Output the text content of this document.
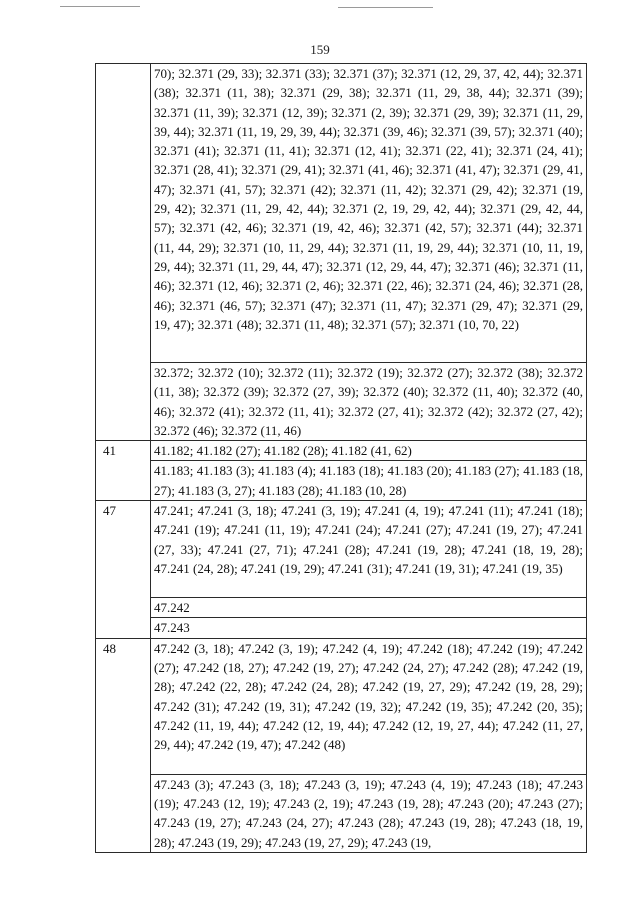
159
	70); 32.371 (29, 33); 32.371 (33); 32.371 (37); 32.371 (12, 29, 37, 42, 44); 32.371 (38); 32.371 (11, 38); 32.371 (29, 38); 32.371 (11, 29, 38, 44); 32.371 (39); 32.371 (11, 39); 32.371 (12, 39); 32.371 (2, 39); 32.371 (29, 39); 32.371 (11, 29, 39, 44); 32.371 (11, 19, 29, 39, 44); 32.371 (39, 46); 32.371 (39, 57); 32.371 (40); 32.371 (41); 32.371 (11, 41); 32.371 (12, 41); 32.371 (22, 41); 32.371 (24, 41); 32.371 (28, 41); 32.371 (29, 41); 32.371 (41, 46); 32.371 (41, 47); 32.371 (29, 41, 47); 32.371 (41, 57); 32.371 (42); 32.371 (11, 42); 32.371 (29, 42); 32.371 (19, 29, 42); 32.371 (11, 29, 42, 44); 32.371 (2, 19, 29, 42, 44); 32.371 (29, 42, 44, 57); 32.371 (42, 46); 32.371 (19, 42, 46); 32.371 (42, 57); 32.371 (44); 32.371 (11, 44, 29); 32.371 (10, 11, 29, 44); 32.371 (11, 19, 29, 44); 32.371 (10, 11, 19, 29, 44); 32.371 (11, 29, 44, 47); 32.371 (12, 29, 44, 47); 32.371 (46); 32.371 (11, 46); 32.371 (12, 46); 32.371 (2, 46); 32.371 (22, 46); 32.371 (24, 46); 32.371 (28, 46); 32.371 (46, 57); 32.371 (47); 32.371 (11, 47); 32.371 (29, 47); 32.371 (29, 19, 47); 32.371 (48); 32.371 (11, 48); 32.371 (57); 32.371 (10, 70, 22)
	32.372; 32.372 (10); 32.372 (11); 32.372 (19); 32.372 (27); 32.372 (38); 32.372 (11, 38); 32.372 (39); 32.372 (27, 39); 32.372 (40); 32.372 (11, 40); 32.372 (40, 46); 32.372 (41); 32.372 (11, 41); 32.372 (27, 41); 32.372 (42); 32.372 (27, 42); 32.372 (46); 32.372 (11, 46)
41	41.182; 41.182 (27); 41.182 (28); 41.182 (41, 62)
	41.183; 41.183 (3); 41.183 (4); 41.183 (18); 41.183 (20); 41.183 (27); 41.183 (18, 27); 41.183 (3, 27); 41.183 (28); 41.183 (10, 28)
47	47.241; 47.241 (3, 18); 47.241 (3, 19); 47.241 (4, 19); 47.241 (11); 47.241 (18); 47.241 (19); 47.241 (11, 19); 47.241 (24); 47.241 (27); 47.241 (19, 27); 47.241 (27, 33); 47.241 (27, 71); 47.241 (28); 47.241 (19, 28); 47.241 (18, 19, 28); 47.241 (24, 28); 47.241 (19, 29); 47.241 (31); 47.241 (19, 31); 47.241 (19, 35)
	47.242
	47.243
48	47.242 (3, 18); 47.242 (3, 19); 47.242 (4, 19); 47.242 (18); 47.242 (19); 47.242 (27); 47.242 (18, 27); 47.242 (19, 27); 47.242 (24, 27); 47.242 (28); 47.242 (19, 28); 47.242 (22, 28); 47.242 (24, 28); 47.242 (19, 27, 29); 47.242 (19, 28, 29); 47.242 (31); 47.242 (19, 31); 47.242 (19, 32); 47.242 (19, 35); 47.242 (20, 35); 47.242 (11, 19, 44); 47.242 (12, 19, 44); 47.242 (12, 19, 27, 44); 47.242 (11, 27, 29, 44); 47.242 (19, 47); 47.242 (48)
	47.243 (3); 47.243 (3, 18); 47.243 (3, 19); 47.243 (4, 19); 47.243 (18); 47.243 (19); 47.243 (12, 19); 47.243 (2, 19); 47.243 (19, 28); 47.243 (20); 47.243 (27); 47.243 (19, 27); 47.243 (24, 27); 47.243 (28); 47.243 (19, 28); 47.243 (18, 19, 28); 47.243 (19, 29); 47.243 (19, 27, 29); 47.243 (19,
